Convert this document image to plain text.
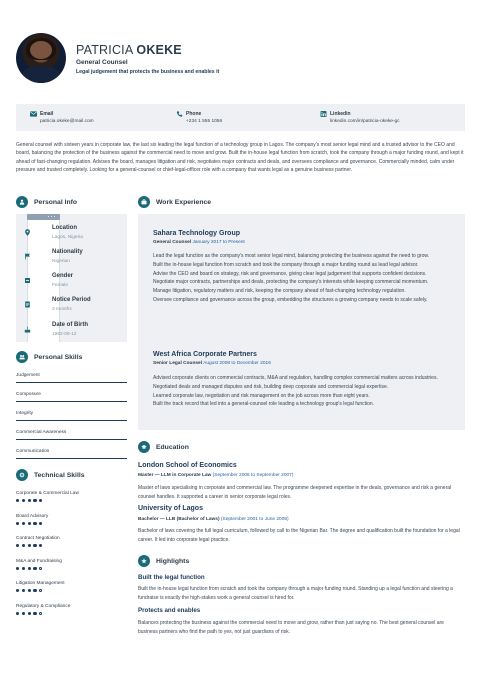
PATRICIA OKEKE
General Counsel
Legal judgement that protects the business and enables it
Email
patricia.okeke@mail.com
Phone
+234 1 555 1056
Linkedin
linkedin.com/in/patricia-okeke-gc
General counsel with sixteen years in corporate law, the last six leading the legal function of a technology group in Lagos. The company's most senior legal mind and a trusted advisor to the CEO and board, balancing the protection of the business against the commercial need to move and grow. Built the in-house legal function from scratch, took the company through a major funding round, and kept it ahead of fast-changing regulation. Advises the board, manages litigation and risk, negotiates major contracts and deals, and oversees compliance and governance. Commercially minded, calm under pressure and trusted completely. Looking for a general-counsel or chief-legal-officer role with a company that wants legal as a genuine business partner.
Personal Info
Location
Lagos, Nigeria
Nationality
Nigerian
Gender
Female
Notice Period
3 months
Date of Birth
1982-09-12
Personal Skills
Judgement
Composure
Integrity
Commercial Awareness
Communication
Technical Skills
Corporate & Commercial Law
Board Advisory
Contract Negotiation
M&A and Fundraising
Litigation Management
Regulatory & Compliance
Work Experience
Sahara Technology Group
General Counsel January 2017 to Present
Lead the legal function as the company's most senior legal mind, balancing protecting the business against the need to grow.
Built the in-house legal function from scratch and took the company through a major funding round as lead legal advisor.
Advise the CEO and board on strategy, risk and governance, giving clear legal judgement that supports confident decisions.
Negotiate major contracts, partnerships and deals, protecting the company's interests while keeping commercial momentum.
Manage litigation, regulatory matters and risk, keeping the company ahead of fast-changing technology regulation.
Oversee compliance and governance across the group, embedding the structures a growing company needs to scale safely.
West Africa Corporate Partners
Senior Legal Counsel August 2008 to December 2016
Advised corporate clients on commercial contracts, M&A and regulation, handling complex commercial matters across industries.
Negotiated deals and managed disputes and risk, building deep corporate and commercial legal expertise.
Learned corporate law, negotiation and risk management on the job across more than eight years.
Built the track record that led into a general-counsel role leading a technology group's legal function.
Education
London School of Economics
Master — LLM in Corporate Law (September 2006 to September 2007)
Master of laws specialising in corporate and commercial law. The programme deepened expertise in the deals, governance and risk a general counsel handles. It supported a career in senior corporate legal roles.
University of Lagos
Bachelor — LLB (Bachelor of Laws) (September 2001 to June 2005)
Bachelor of laws covering the full legal curriculum, followed by call to the Nigerian Bar. The degree and qualification built the foundation for a legal career. It led into corporate legal practice.
Highlights
Built the legal function
Built the in-house legal function from scratch and took the company through a major funding round. Standing up a legal function and steering a fundraise is exactly the high-stakes work a general counsel is hired for.
Protects and enables
Balances protecting the business against the commercial need to move and grow, rather than just saying no. The best general counsel are business partners who find the path to yes, not just guardians of risk.
